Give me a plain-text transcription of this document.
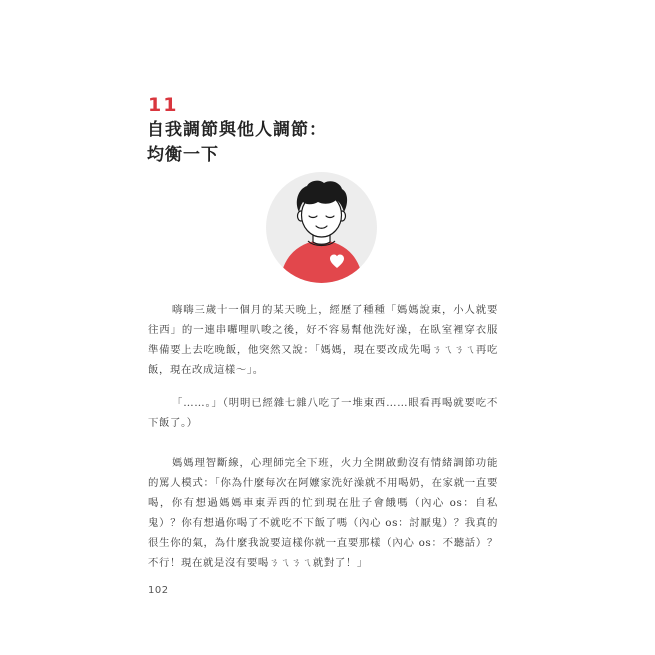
11
自我調節與他人調節：
均衡一下

嗨嗨三歲十一個月的某天晚上，經歷了種種「媽媽說東，小人就要往西」的一連串囉哩叭唆之後，好不容易幫他洗好澡，在臥室裡穿衣服準備要上去吃晚飯，他突然又說：「媽媽，現在要改成先喝ㄋㄟㄋㄟ再吃飯，現在改成這樣～」。

「……。」（明明已經雜七雜八吃了一堆東西……眼看再喝就要吃不下飯了。）

媽媽理智斷線，心理師完全下班，火力全開啟動沒有情緒調節功能的罵人模式：「你為什麼每次在阿嬤家洗好澡就不用喝奶，在家就一直要喝，你有想過媽媽車東弄西的忙到現在肚子會餓嗎（內心 os：自私鬼）？你有想過你喝了不就吃不下飯了嗎（內心 os：討厭鬼）？我真的很生你的氣，為什麼我說要這樣你就一直要那樣（內心 os：不聽話）？不行！現在就是沒有要喝ㄋㄟㄋㄟ就對了！」

102
